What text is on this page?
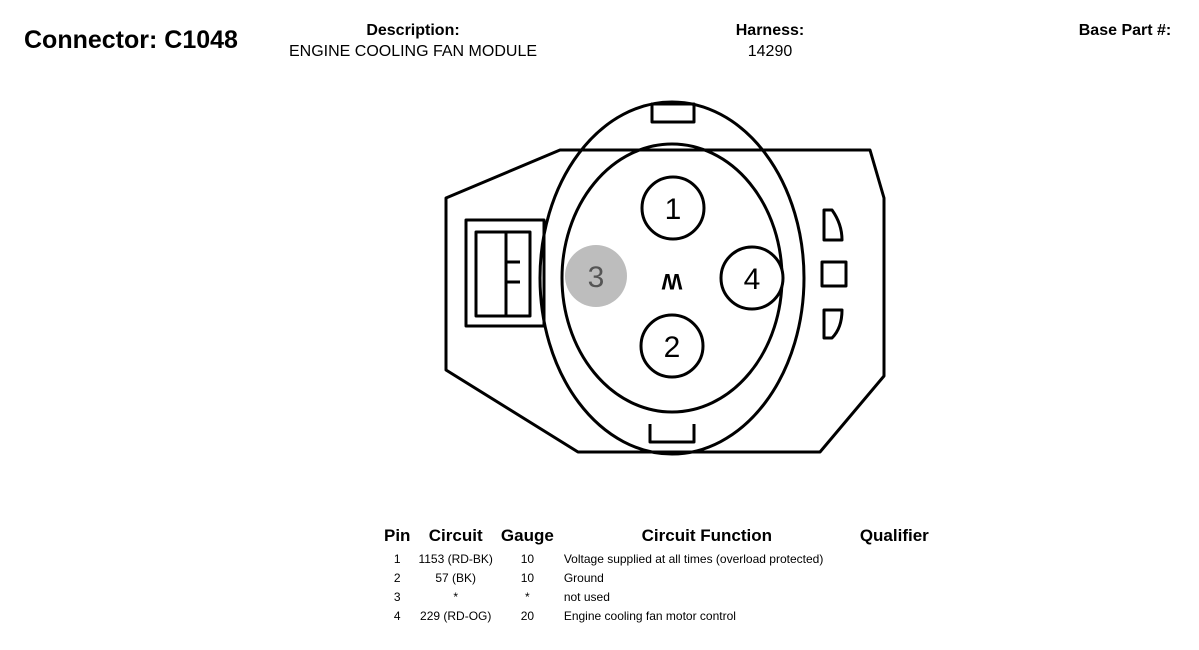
Connector: C1048	Description:
ENGINE COOLING FAN MODULE
Harness:
14290
Base Part #:
1
2
3	4
W
Pin	Circuit	Gauge	Circuit Function	Qualifier
1	1153 (RD-BK)	10	Voltage supplied at all times (overload protected)	
2	57 (BK)	10	Ground	
3	*	*	not used	
4	229 (RD-OG)	20	Engine cooling fan motor control	
